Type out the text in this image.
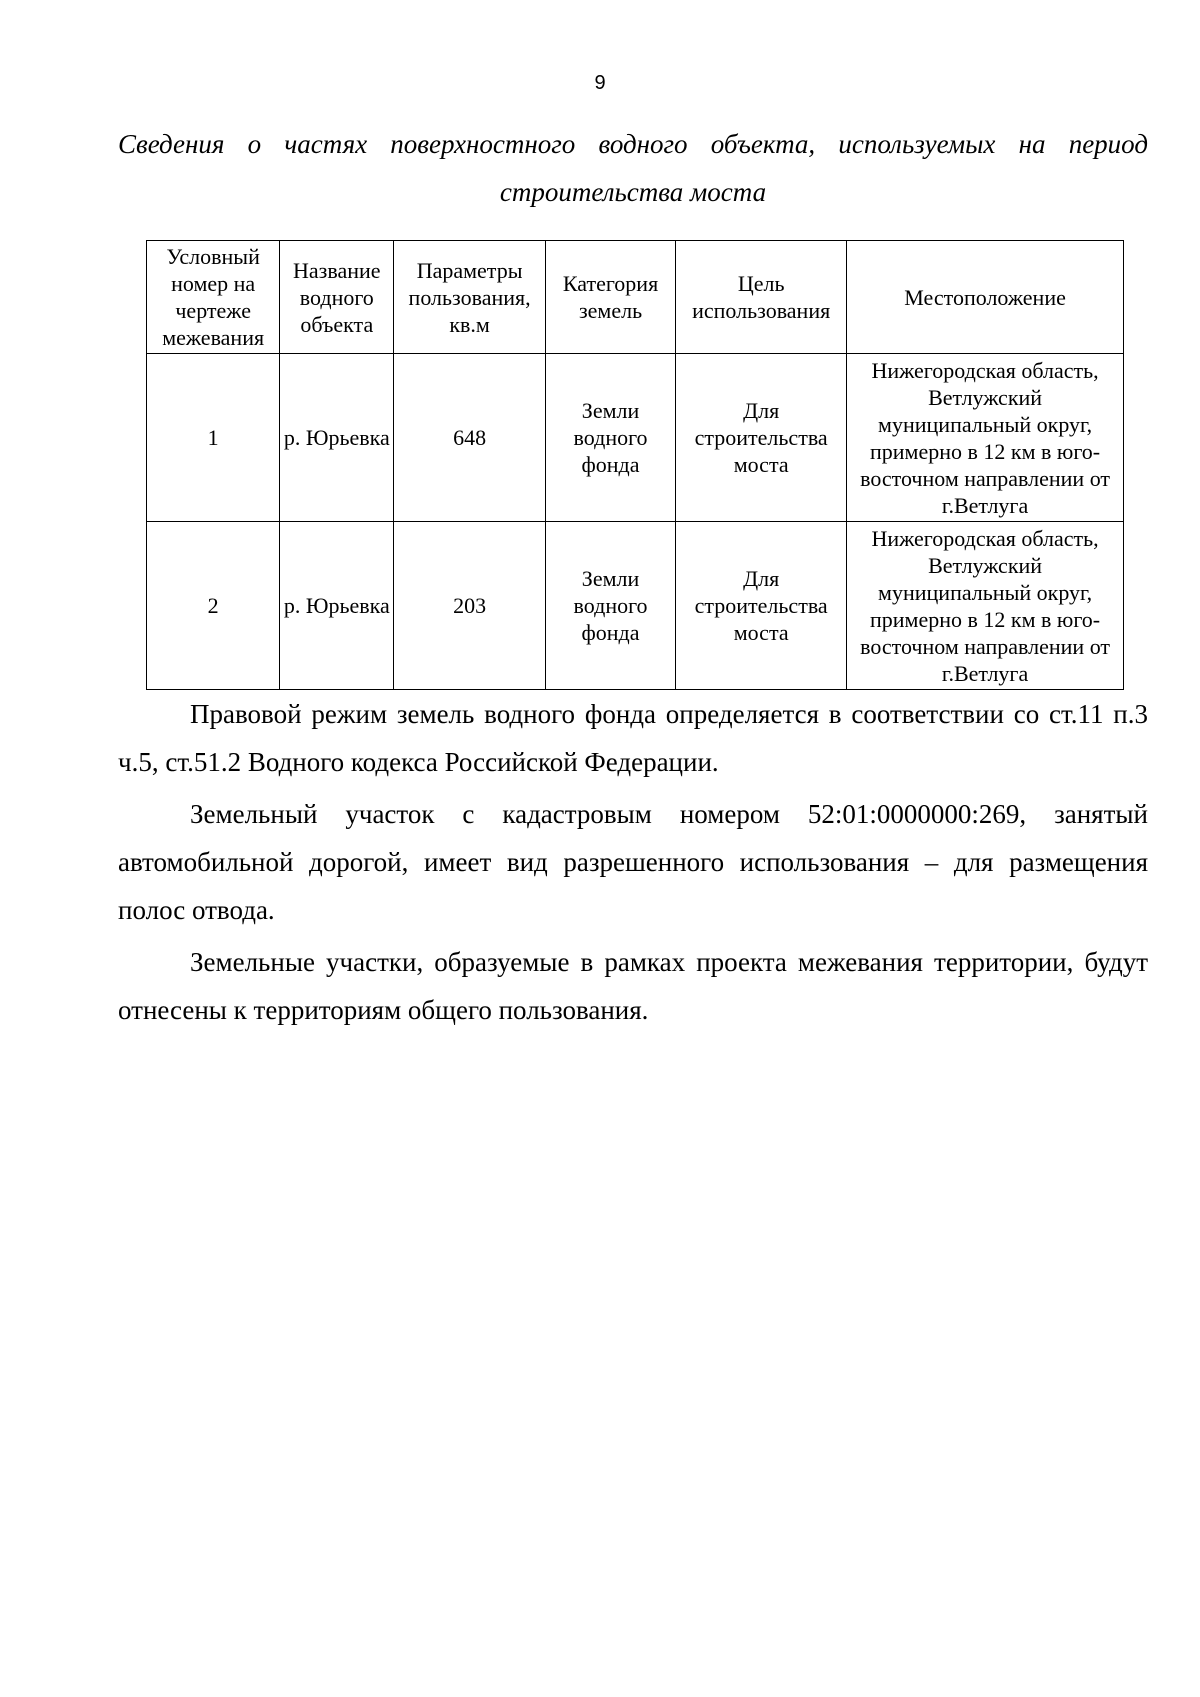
9
Сведения о частях поверхностного водного объекта, используемых на период
строительства моста
Условный номер на чертеже межевания	Название водного объекта	Параметры пользования, кв.м	Категория земель	Цель использования	Местоположение
1	р. Юрьевка	648	Земли водного фонда	Для строительства моста	Нижегородская область, Ветлужский муниципальный округ, примерно в 12 км в юго-восточном направлении от г.Ветлуга
2	р. Юрьевка	203	Земли водного фонда	Для строительства моста	Нижегородская область, Ветлужский муниципальный округ, примерно в 12 км в юго-восточном направлении от г.Ветлуга

Правовой режим земель водного фонда определяется в соответствии со ст.11 п.3 ч.5, ст.51.2 Водного кодекса Российской Федерации.

Земельный участок с кадастровым номером 52:01:0000000:269, занятый автомобильной дорогой, имеет вид разрешенного использования – для размещения полос отвода.

Земельные участки, образуемые в рамках проекта межевания территории, будут отнесены к территориям общего пользования.
